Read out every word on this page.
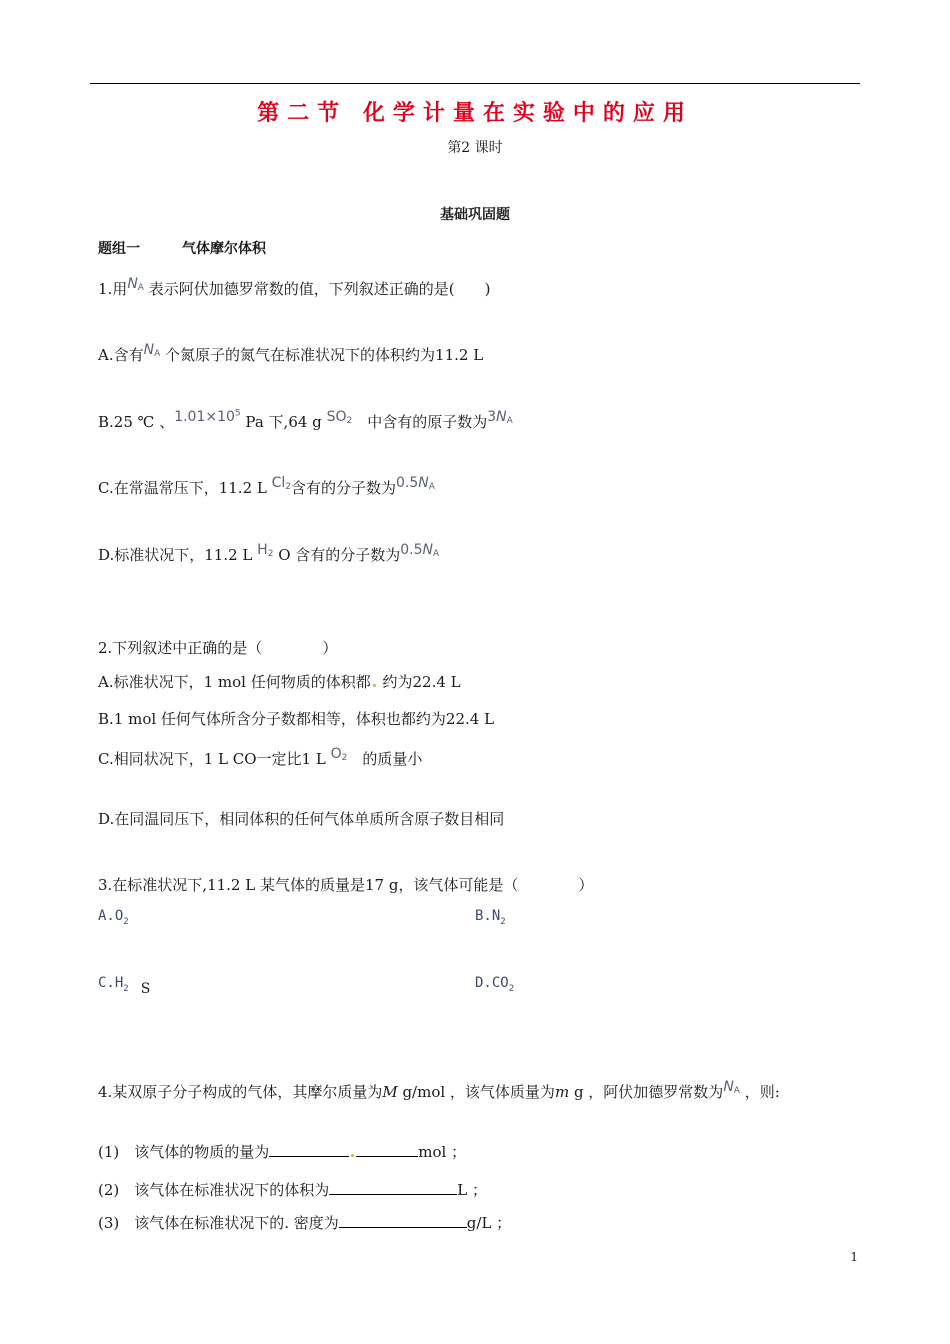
第二节 化学计量在实验中的应用
第2 课时
基础巩固题
题组一	气体摩尔体积
1.用$N_A$ 表示阿伏加德罗常数的值，下列叙述正确的是(　　)
A.含有$N_A$ 个氮原子的氮气在标准状况下的体积约为11.2 L
B.25 ℃ 、$1.01\times 10^5$ Pa 下,64 g $SO_2$　中含有的原子数为$3N_A$
C.在常温常压下，11.2 L $Cl_2$含有的分子数为$0.5N_A$
D.标准状况下，11.2 L $H_2$ O 含有的分子数为$0.5N_A$
2.下列叙述中正确的是（　　　　）
A.标准状况下，1 mol 任何物质的体积都 约为22.4 L
B.1 mol 任何气体所含分子数都相等，体积也都约为22.4 L
C.相同状况下，1 L CO一定比1 L $O_2$　的质量小
D.在同温同压下，相同体积的任何气体单质所含原子数目相同
3.在标准状况下,11.2 L 某气体的质量是17 g，该气体可能是（　　　　）
$A.O_2$	$B.N_2$
$C.H_2$ S	$D.CO_2$
4.某双原子分子构成的气体，其摩尔质量为M g/mol ，该气体质量为m g ，阿伏加德罗常数为$N_A$ ，则:
(1)　该气体的物质的量为	mol ；
(2)　该气体在标准状况下的体积为	L ；
(3)　该气体在标准状况下的. 密度为	g/L ；
1
